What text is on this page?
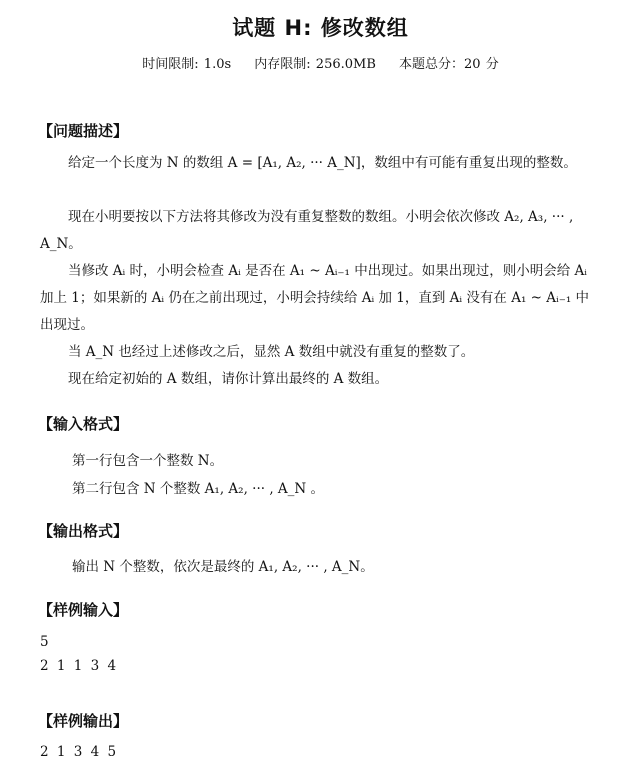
试题 H: 修改数组
时间限制: 1.0s 内存限制: 256.0MB 本题总分：20 分
【问题描述】
给定一个长度为 N 的数组 A = [A₁, A₂, ··· A_N]，数组中有可能有重复出现的整数。
现在小明要按以下方法将其修改为没有重复整数的数组。小明会依次修改 A₂, A₃, ··· , A_N。
当修改 Aᵢ 时，小明会检查 Aᵢ 是否在 A₁ ~ Aᵢ₋₁ 中出现过。如果出现过，则小明会给 Aᵢ 加上 1；如果新的 Aᵢ 仍在之前出现过，小明会持续给 Aᵢ 加 1，直到 Aᵢ 没有在 A₁ ~ Aᵢ₋₁ 中出现过。
当 A_N 也经过上述修改之后，显然 A 数组中就没有重复的整数了。
现在给定初始的 A 数组，请你计算出最终的 A 数组。
【输入格式】
第一行包含一个整数 N。
第二行包含 N 个整数 A₁, A₂, ··· , A_N 。
【输出格式】
输出 N 个整数，依次是最终的 A₁, A₂, ··· , A_N。
【样例输入】
5
2 1 1 3 4
【样例输出】
2 1 3 4 5
